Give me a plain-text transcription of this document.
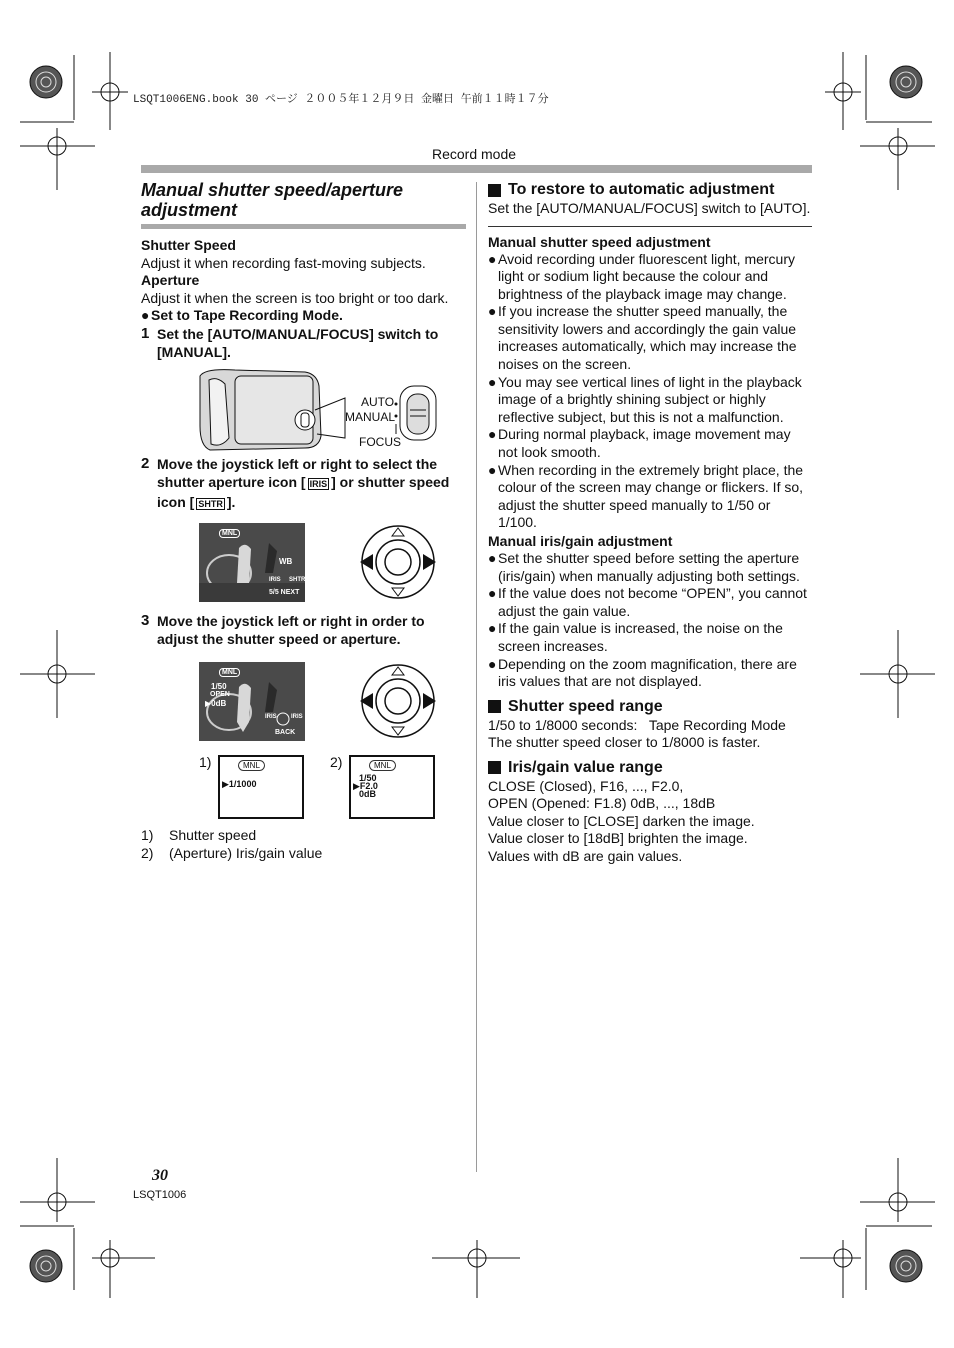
LSQT1006ENG.book 30 ページ ２００５年１２月９日 金曜日 午前１１時１７分
Record mode
Manual shutter speed/aperture adjustment

Shutter Speed

Adjust it when recording fast-moving subjects.

Aperture

Adjust it when the screen is too bright or too dark.

● Set to Tape Recording Mode.
1 Set the [AUTO/MANUAL/FOCUS] switch to [MANUAL].
AUTO
MANUAL
FOCUS
2 Move the joystick left or right to select the shutter aperture icon [ IRIS ] or shutter speed icon [ SHTR ].
MNL
WB
IRIS SHTR
5/5 NEXT
3 Move the joystick left or right in order to adjust the shutter speed or aperture.
MNL
1/50
OPEN
▶0dB
IRIS IRIS
BACK
1)	MNL
▶1/1000
2)	MNL
1/50
▶F2.0
0dB
1)    Shutter speed
2)    (Aperture) Iris/gain value
To restore to automatic adjustment

Set the [AUTO/MANUAL/FOCUS] switch to [AUTO].

Manual shutter speed adjustment

● Avoid recording under fluorescent light, mercury light or sodium light because the colour and brightness of the playback image may change.
● If you increase the shutter speed manually, the sensitivity lowers and accordingly the gain value increases automatically, which may increase the noises on the screen.
● You may see vertical lines of light in the playback image of a brightly shining subject or highly reflective subject, but this is not a malfunction.
● During normal playback, image movement may not look smooth.
● When recording in the extremely bright place, the colour of the screen may change or flickers. If so, adjust the shutter speed manually to 1/50 or 1/100.

Manual iris/gain adjustment

● Set the shutter speed before setting the aperture (iris/gain) when manually adjusting both settings.
● If the value does not become “OPEN”, you cannot adjust the gain value.
● If the gain value is increased, the noise on the screen increases.
● Depending on the zoom magnification, there are iris values that are not displayed.
Shutter speed range

1/50 to 1/8000 seconds:   Tape Recording Mode

The shutter speed closer to 1/8000 is faster.

Iris/gain value range

CLOSE (Closed), F16, ..., F2.0,

OPEN (Opened: F1.8) 0dB, ..., 18dB

Value closer to [CLOSE] darken the image.

Value closer to [18dB] brighten the image.

Values with dB are gain values.

30
LSQT1006
